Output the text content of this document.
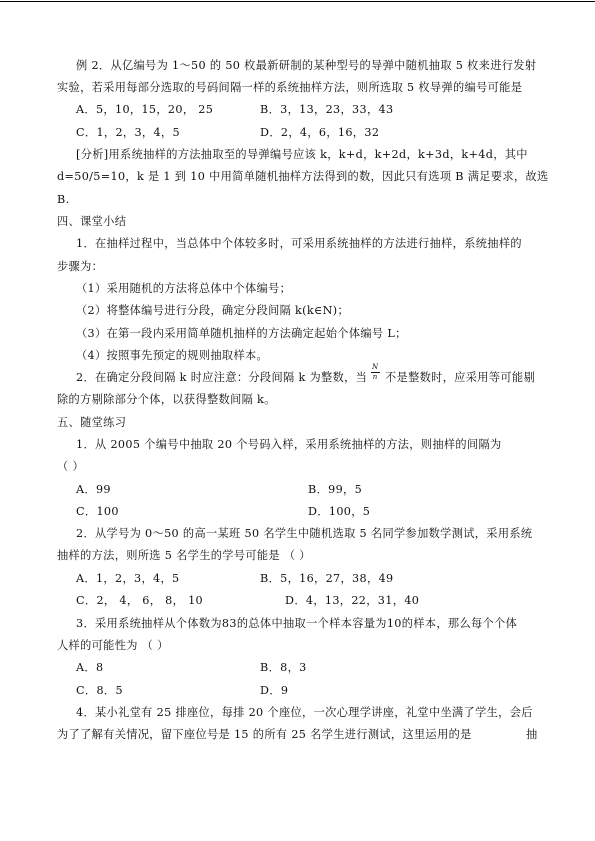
例 2．从亿编号为 1～50 的 50 枚最新研制的某种型号的导弹中随机抽取 5 枚来进行发射
实验，若采用每部分选取的号码间隔一样的系统抽样方法，则所选取 5 枚导弹的编号可能是
A．5，10，15，20， 25	B．3，13，23，33，43
C．1，2，3，4，5	D．2，4，6，16，32
[分析]用系统抽样的方法抽取至的导弹编号应该 k，k+d，k+2d，k+3d，k+4d，其中
d=50/5=10，k 是 1 到 10 中用简单随机抽样方法得到的数，因此只有选项 B 满足要求，故选
B.
四、课堂小结
1．在抽样过程中，当总体中个体较多时，可采用系统抽样的方法进行抽样，系统抽样的
步骤为：
（1）采用随机的方法将总体中个体编号；
（2）将整体编号进行分段，确定分段间隔 k(k∈N)；
（3）在第一段内采用简单随机抽样的方法确定起始个体编号 L；
（4）按照事先预定的规则抽取样本。
2．在确定分段间隔 k 时应注意：分段间隔 k 为整数，当
N
n 不是整数时，应采用等可能剔
除的方剔除部分个体，以获得整数间隔 k。
五、随堂练习
1．从 2005 个编号中抽取 20 个号码入样，采用系统抽样的方法，则抽样的间隔为
（ ）
A．99	B．99，5
C．100	D．100，5
2．从学号为 0～50 的高一某班 50 名学生中随机选取 5 名同学参加数学测试，采用系统
抽样的方法，则所选 5 名学生的学号可能是 （ ）
A．1，2，3，4，5	B．5，16，27，38，49
C．2， 4， 6， 8， 10	D．4，13，22，31，40
3．采用系统抽样从个体数为83的总体中抽取一个样本容量为10的样本，那么每个个体
人样的可能性为 （ ）
A．8	B．8，3
C．8．5	D．9
4．某小礼堂有 25 排座位，每排 20 个座位，一次心理学讲座，礼堂中坐满了学生，会后
为了了解有关情况，留下座位号是 15 的所有 25 名学生进行测试，这里运用的是	抽
